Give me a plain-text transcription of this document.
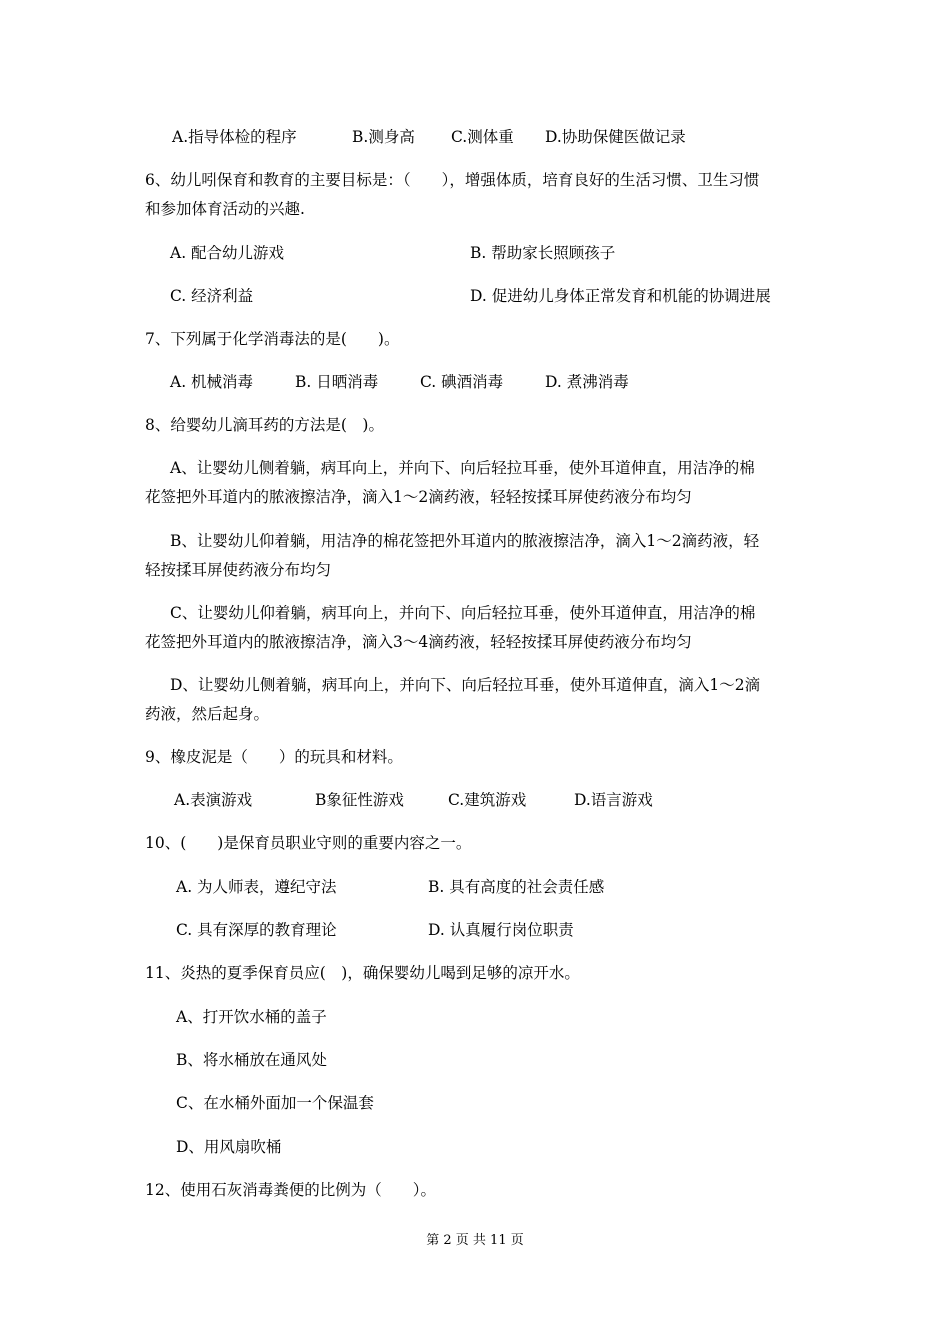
A.指导体检的程序	B.测身高 C.测体重 D.协助保健医做记录
6、幼儿吲保育和教育的主要目标是：（　　），增强体质，培育良好的生活习惯、卫生习惯
和参加体育活动的兴趣.
A. 配合幼儿游戏	B. 帮助家长照顾孩子
C. 经济利益	D. 促进幼儿身体正常发育和机能的协调进展
7、下列属于化学消毒法的是(　　)。
A. 机械消毒	B. 日晒消毒	C. 碘酒消毒	D. 煮沸消毒
8、给婴幼儿滴耳药的方法是(　)。
A、让婴幼儿侧着躺，病耳向上，并向下、向后轻拉耳垂，使外耳道伸直，用洁净的棉
花签把外耳道内的脓液擦洁净，滴入1～2滴药液，轻轻按揉耳屏使药液分布均匀
B、让婴幼儿仰着躺，用洁净的棉花签把外耳道内的脓液擦洁净，滴入1～2滴药液，轻
轻按揉耳屏使药液分布均匀
C、让婴幼儿仰着躺，病耳向上，并向下、向后轻拉耳垂，使外耳道伸直，用洁净的棉
花签把外耳道内的脓液擦洁净，滴入3～4滴药液，轻轻按揉耳屏使药液分布均匀
D、让婴幼儿侧着躺，病耳向上，并向下、向后轻拉耳垂，使外耳道伸直，滴入1～2滴
药液，然后起身。
9、橡皮泥是（　　）的玩具和材料。
A.表演游戏	B象征性游戏	C.建筑游戏	D.语言游戏
10、(　　)是保育员职业守则的重要内容之一。
A. 为人师表，遵纪守法	B. 具有高度的社会责任感
C. 具有深厚的教育理论	D. 认真履行岗位职责
11、炎热的夏季保育员应(　)，确保婴幼儿喝到足够的凉开水。
A、打开饮水桶的盖子
B、将水桶放在通风处
C、在水桶外面加一个保温套
D、用风扇吹桶
12、使用石灰消毒粪便的比例为（　　）。
第 2 页 共 11 页
